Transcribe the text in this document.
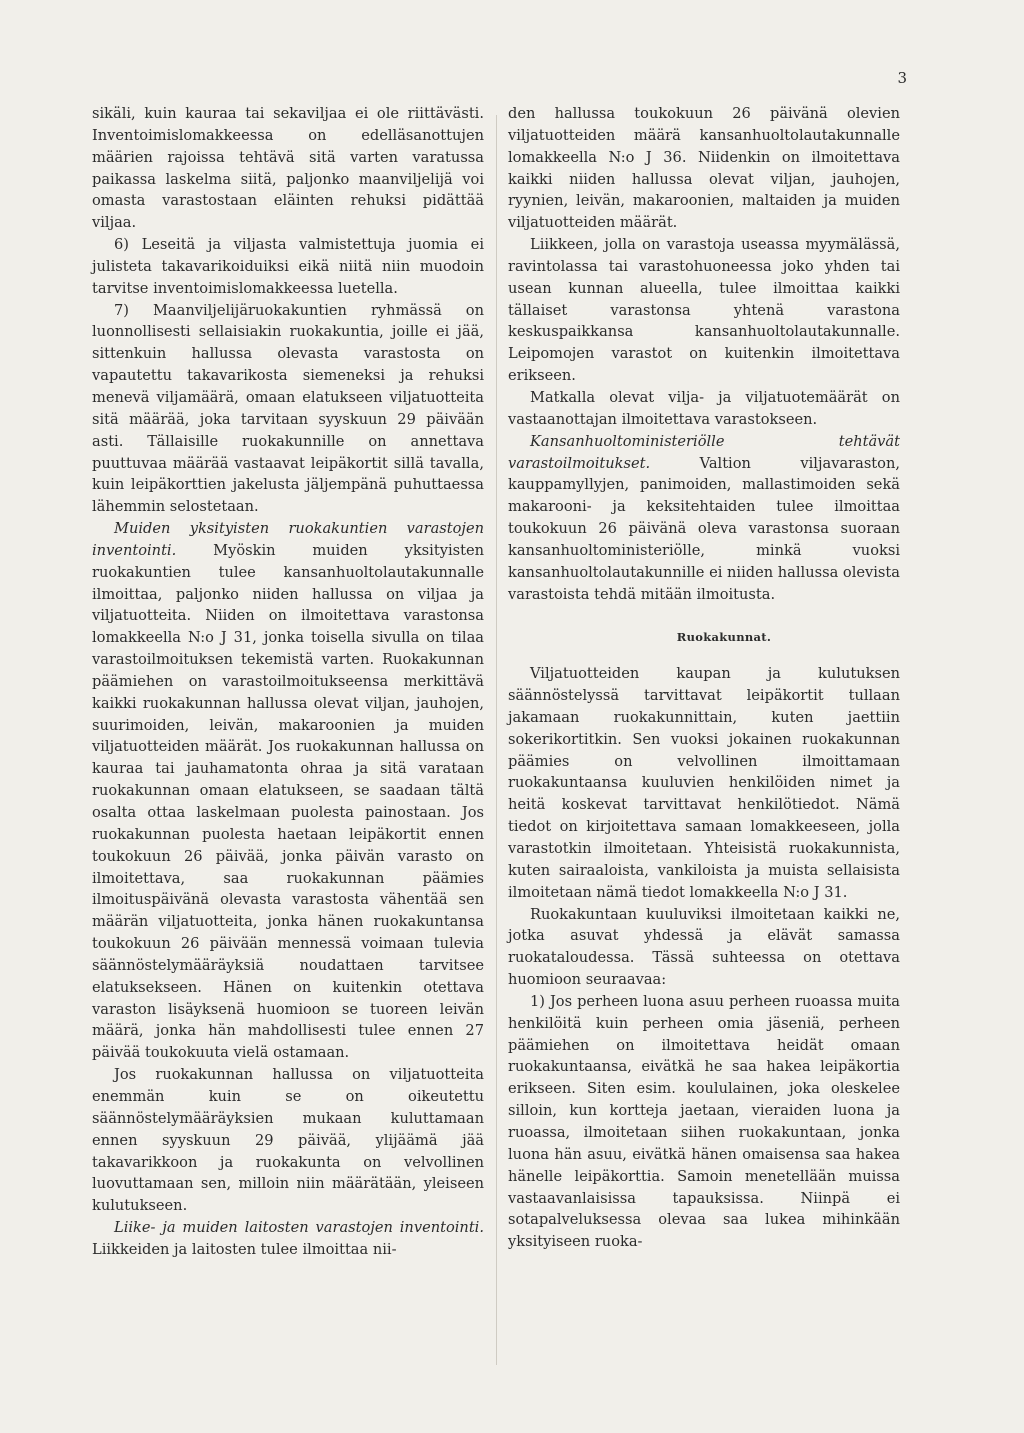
3

sikäli, kuin kauraa tai sekaviljaa ei ole riittävästi. Inventoimislomakkeessa on edelläsanottujen määrien rajoissa tehtävä sitä varten varatussa paikassa laskelma siitä, paljonko maanviljelijä voi omasta varastostaan eläinten rehuksi pidättää viljaa.

6) Leseitä ja viljasta valmistettuja juomia ei julisteta takavarikoiduiksi eikä niitä niin muodoin tarvitse inventoimislomakkeessa luetella.

7) Maanviljelijäruokakuntien ryhmässä on luonnollisesti sellaisiakin ruokakuntia, joille ei jää, sittenkuin hallussa olevasta varastosta on vapautettu takavarikosta siemeneksi ja rehuksi menevä viljamäärä, omaan elatukseen viljatuotteita sitä määrää, joka tarvitaan syyskuun 29 päivään asti. Tällaisille ruokakunnille on annettava puuttuvaa määrää vastaavat leipäkortit sillä tavalla, kuin leipäkorttien jakelusta jäljempänä puhuttaessa lähemmin selostetaan.

Muiden yksityisten ruokakuntien varastojen inventointi. Myöskin muiden yksityisten ruokakuntien tulee kansanhuoltolautakunnalle ilmoittaa, paljonko niiden hallussa on viljaa ja viljatuotteita. Niiden on ilmoitettava varastonsa lomakkeella N:o J 31, jonka toisella sivulla on tilaa varastoilmoituksen tekemistä varten. Ruokakunnan päämiehen on varastoilmoitukseensa merkittävä kaikki ruokakunnan hallussa olevat viljan, jauhojen, suurimoiden, leivän, makaroonien ja muiden viljatuotteiden määrät. Jos ruokakunnan hallussa on kauraa tai jauhamatonta ohraa ja sitä varataan ruokakunnan omaan elatukseen, se saadaan tältä osalta ottaa laskelmaan puolesta painostaan. Jos ruokakunnan puolesta haetaan leipäkortit ennen toukokuun 26 päivää, jonka päivän varasto on ilmoitettava, saa ruokakunnan päämies ilmoituspäivänä olevasta varastosta vähentää sen määrän viljatuotteita, jonka hänen ruokakuntansa toukokuun 26 päivään mennessä voimaan tulevia säännöstelymääräyksiä noudattaen tarvitsee elatuksekseen. Hänen on kuitenkin otettava varaston lisäyksenä huomioon se tuoreen leivän määrä, jonka hän mahdollisesti tulee ennen 27 päivää toukokuuta vielä ostamaan.

Jos ruokakunnan hallussa on viljatuotteita enemmän kuin se on oikeutettu säännöstelymääräyksien mukaan kuluttamaan ennen syyskuun 29 päivää, ylijäämä jää takavarikkoon ja ruokakunta on velvollinen luovuttamaan sen, milloin niin määrätään, yleiseen kulutukseen.

Liike- ja muiden laitosten varastojen inventointi. Liikkeiden ja laitosten tulee ilmoittaa nii-

den hallussa toukokuun 26 päivänä olevien viljatuotteiden määrä kansanhuoltolautakunnalle lomakkeella N:o J 36. Niidenkin on ilmoitettava kaikki niiden hallussa olevat viljan, jauhojen, ryynien, leivän, makaroonien, maltaiden ja muiden viljatuotteiden määrät.

Liikkeen, jolla on varastoja useassa myymälässä, ravintolassa tai varastohuoneessa joko yhden tai usean kunnan alueella, tulee ilmoittaa kaikki tällaiset varastonsa yhtenä varastona keskuspaikkansa kansanhuoltolautakunnalle. Leipomojen varastot on kuitenkin ilmoitettava erikseen.

Matkalla olevat vilja- ja viljatuotemäärät on vastaanottajan ilmoitettava varastokseen.

Kansanhuoltoministeriölle tehtävät varastoilmoitukset. Valtion viljavaraston, kauppamyllyjen, panimoiden, mallastimoiden sekä makarooni- ja keksitehtaiden tulee ilmoittaa toukokuun 26 päivänä oleva varastonsa suoraan kansanhuoltoministeriölle, minkä vuoksi kansanhuoltolautakunnille ei niiden hallussa olevista varastoista tehdä mitään ilmoitusta.

Ruokakunnat.

Viljatuotteiden kaupan ja kulutuksen säännöstelyssä tarvittavat leipäkortit tullaan jakamaan ruokakunnittain, kuten jaettiin sokerikortitkin. Sen vuoksi jokainen ruokakunnan päämies on velvollinen ilmoittamaan ruokakuntaansa kuuluvien henkilöiden nimet ja heitä koskevat tarvittavat henkilötiedot. Nämä tiedot on kirjoitettava samaan lomakkeeseen, jolla varastotkin ilmoitetaan. Yhteisistä ruokakunnista, kuten sairaaloista, vankiloista ja muista sellaisista ilmoitetaan nämä tiedot lomakkeella N:o J 31.

Ruokakuntaan kuuluviksi ilmoitetaan kaikki ne, jotka asuvat yhdessä ja elävät samassa ruokataloudessa. Tässä suhteessa on otettava huomioon seuraavaa:

1) Jos perheen luona asuu perheen ruoassa muita henkilöitä kuin perheen omia jäseniä, perheen päämiehen on ilmoitettava heidät omaan ruokakuntaansa, eivätkä he saa hakea leipäkortia erikseen. Siten esim. koululainen, joka oleskelee silloin, kun kortteja jaetaan, vieraiden luona ja ruoassa, ilmoitetaan siihen ruokakuntaan, jonka luona hän asuu, eivätkä hänen omaisensa saa hakea hänelle leipäkorttia. Samoin menetellään muissa vastaavanlaisissa tapauksissa. Niinpä ei sotapalveluksessa olevaa saa lukea mihinkään yksityiseen ruoka-
